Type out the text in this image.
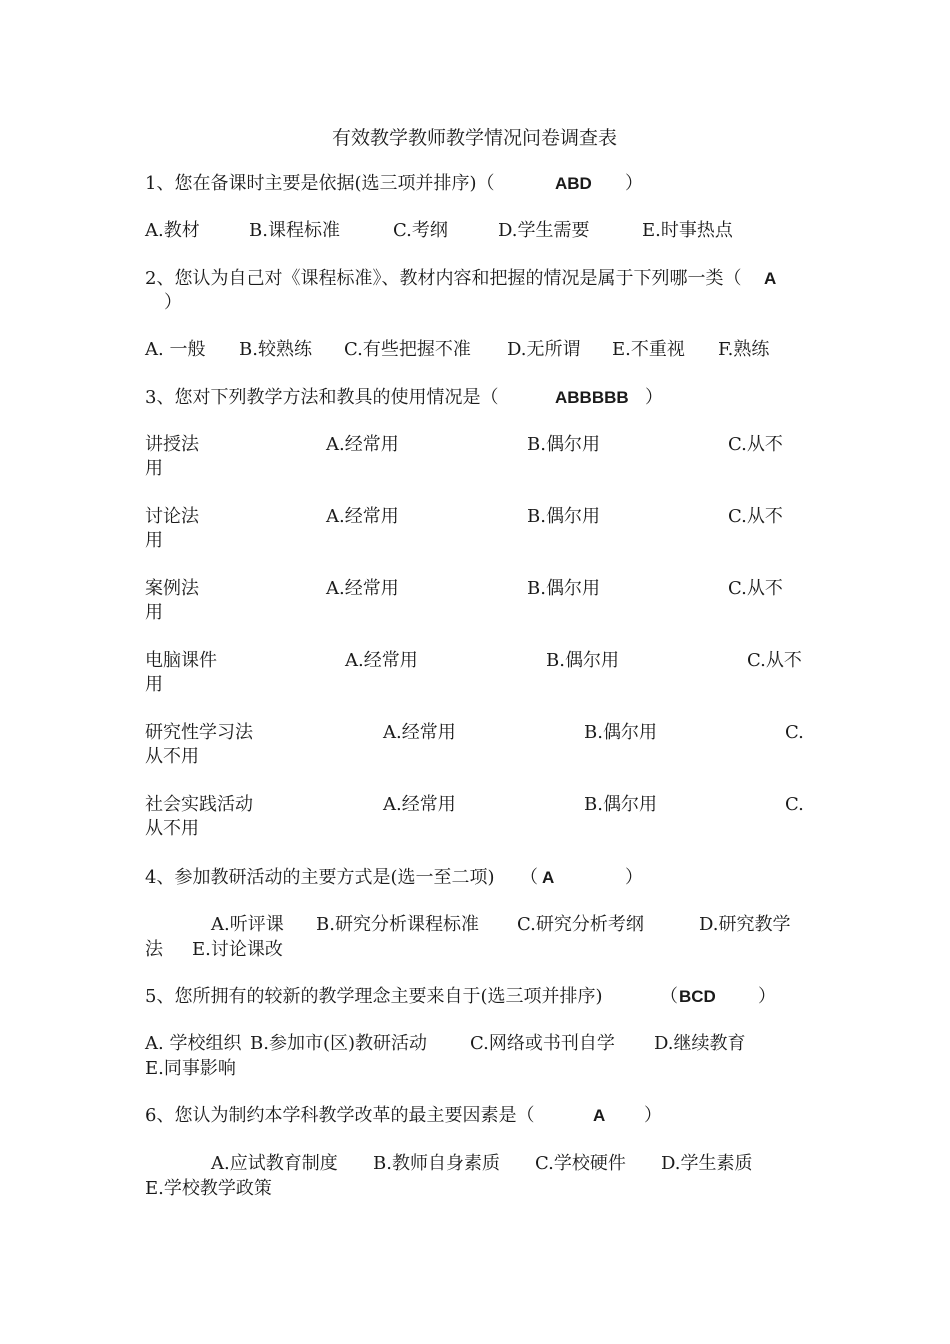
有效教学教师教学情况问卷调查表
1、您在备课时主要是依据(选三项并排序)（	ABD ）
A.教材	B.课程标准	C.考纲	D.学生需要	E.时事热点
2、您认为自己对《课程标准》、教材内容和把握的情况是属于下列哪一类（ A
）
A. 一般 B.较熟练 C.有些把握不准 D.无所谓 E.不重视 F.熟练
3、您对下列教学方法和教具的使用情况是（	ABBBBB ）
讲授法	A.经常用	B.偶尔用	C.从不
用
讨论法	A.经常用	B.偶尔用	C.从不
用
案例法	A.经常用	B.偶尔用	C.从不
用
电脑课件	A.经常用	B.偶尔用	C.从不
用
研究性学习法	A.经常用	B.偶尔用	C.
从不用
社会实践活动	A.经常用	B.偶尔用	C.
从不用
4、参加教研活动的主要方式是(选一至二项) （ A	）
A.听评课 B.研究分析课程标准 C.研究分析考纲	D.研究教学
法 E.讨论课改
5、您所拥有的较新的教学理念主要来自于(选三项并排序)	（ BCD ）
A. 学校组织 B.参加市(区)教研活动 C.网络或书刊自学 D.继续教育
E.同事影响
6、您认为制约本学科教学改革的最主要因素是（	A ）
A.应试教育制度 B.教师自身素质 C.学校硬件 D.学生素质
E.学校教学政策
